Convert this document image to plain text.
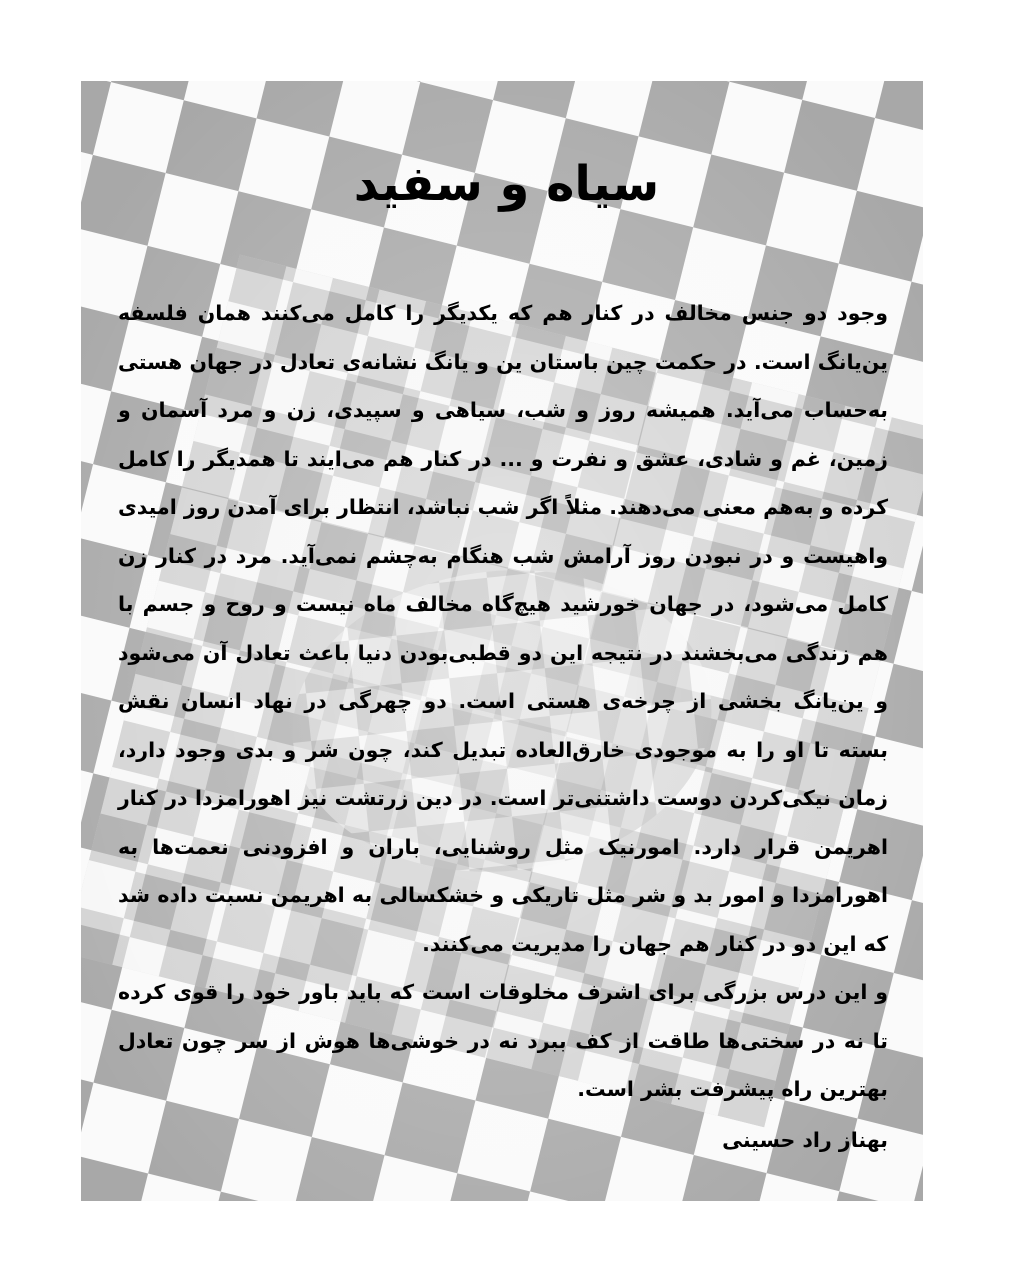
سیاه و سفید

وجود دو جنس مخالف در کنار هم که یکدیگر را کامل می‌کنند همان فلسفه ین‌یانگ است. در حکمت چین باستان ین و یانگ نشانه‌ی تعادل در جهان هستی به‌حساب می‌آید. همیشه روز و شب، سیاهی و سپیدی، زن و مرد آسمان و زمین، غم و شادی، عشق و نفرت و ... در کنار هم می‌ایند تا همدیگر را کامل کرده و به‌هم معنی می‌دهند. مثلاً اگر شب نباشد، انتظار برای آمدن روز امیدی واهیست و در نبودن روز آرامش شب هنگام به‌چشم نمی‌آید. مرد در کنار زن کامل می‌شود، در جهان خورشید هیچ‌گاه مخالف ماه نیست و روح و جسم با هم زندگی می‌بخشند در نتیجه این دو قطبی‌بودن دنیا باعث تعادل آن می‌شود و ین‌یانگ بخشی از چرخه‌ی هستی است. دو چهرگی در نهاد انسان نقش بسته تا او را به موجودی خارق‌العاده تبدیل کند، چون شر و بدی وجود دارد، زمان نیکی‌کردن دوست داشتنی‌تر است. در دین زرتشت نیز اهورامزدا در کنار اهریمن قرار دارد. امورنیک مثل روشنایی، باران و افزودنی نعمت‌ها به اهورامزدا و امور بد و شر مثل تاریکی و خشکسالی به اهریمن نسبت داده شد که این دو در کنار هم جهان را مدیریت می‌کنند.

و این درس بزرگی برای اشرف مخلوقات است که باید باور خود را قوی کرده تا نه در سختی‌ها طاقت از کف ببرد نه در خوشی‌ها هوش از سر چون تعادل بهترین راه پیشرفت بشر است.

بهناز راد حسینی
